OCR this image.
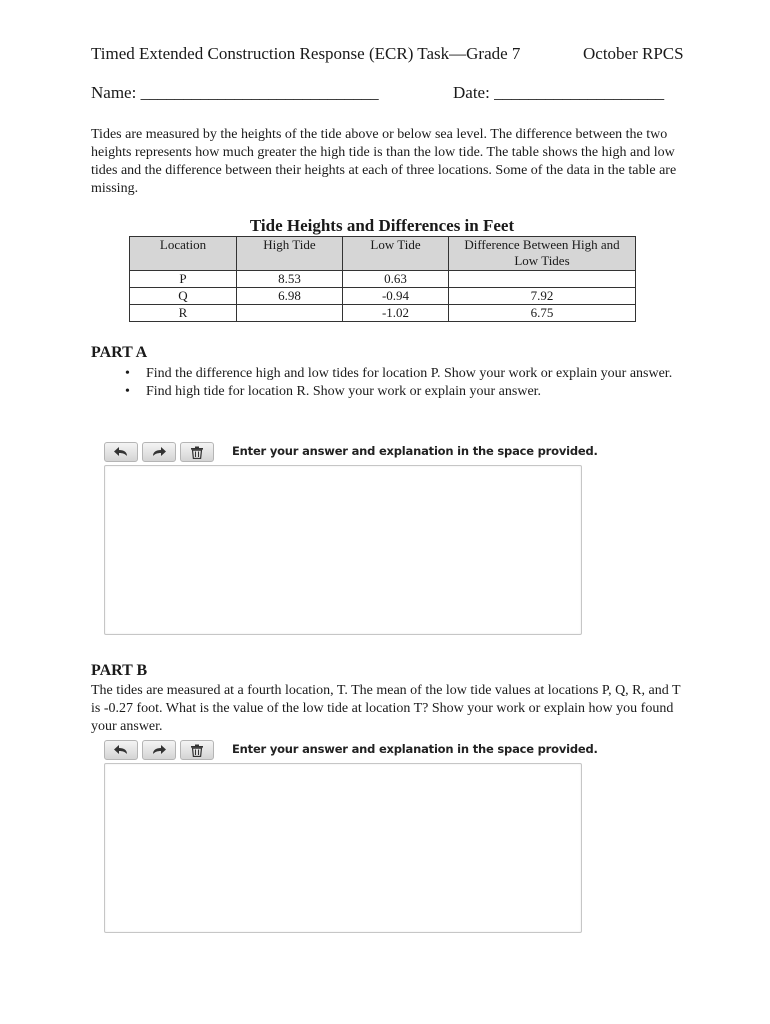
Timed Extended Construction Response (ECR) Task—Grade 7	October RPCS
Name: ____________________________	Date: ____________________

Tides are measured by the heights of the tide above or below sea level. The difference between the two heights represents how much greater the high tide is than the low tide. The table shows the high and low tides and the difference between their heights at each of three locations. Some of the data in the table are missing.

Tide Heights and Differences in Feet
Location	High Tide	Low Tide	Difference Between High and Low Tides
P	8.53	0.63	
Q	6.98	-0.94	7.92
R		-1.02	6.75
PART A
• Find the difference high and low tides for location P. Show your work or explain your answer.
• Find high tide for location R. Show your work or explain your answer.
Enter your answer and explanation in the space provided.
PART B

The tides are measured at a fourth location, T. The mean of the low tide values at locations P, Q, R, and T is -0.27 foot. What is the value of the low tide at location T? Show your work or explain how you found your answer.

Enter your answer and explanation in the space provided.
